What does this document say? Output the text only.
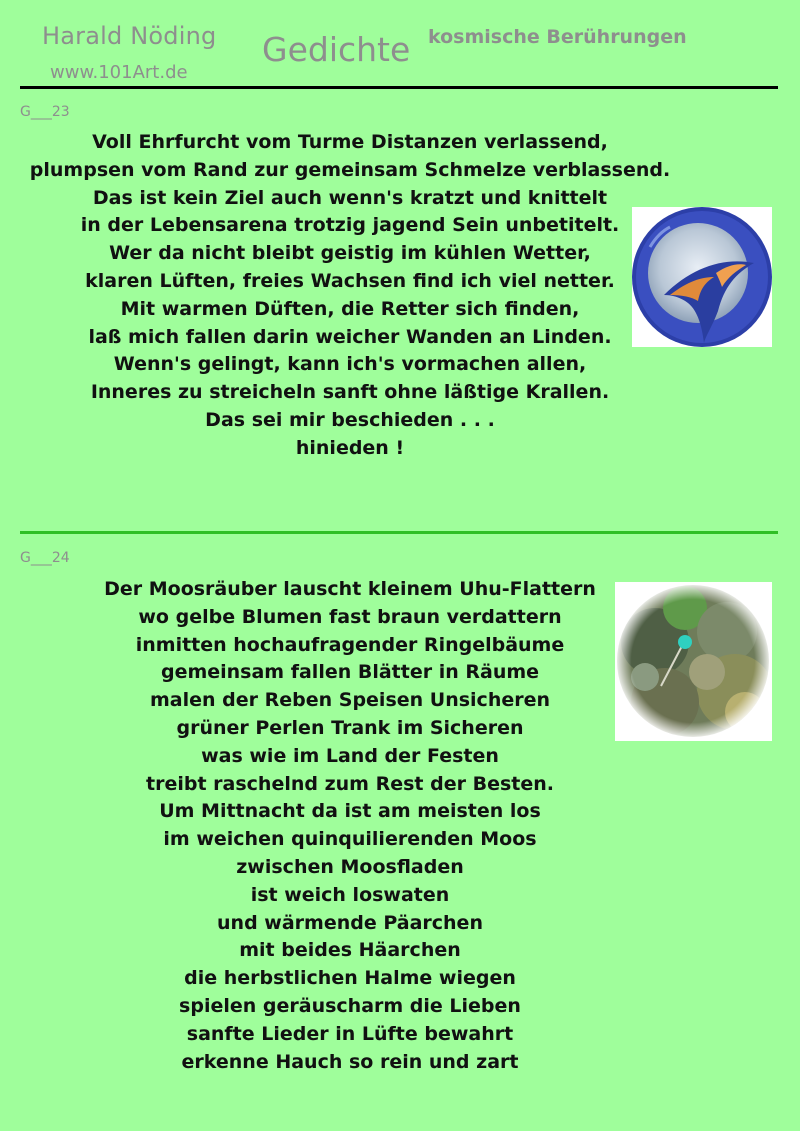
Harald Nöding
www.101Art.de
Gedichte kosmische Berührungen
G___23
Voll Ehrfurcht vom Turme Distanzen verlassend,
plumpsen vom Rand zur gemeinsam Schmelze verblassend.
Das ist kein Ziel auch wenn's kratzt und knittelt
in der Lebensarena trotzig jagend Sein unbetitelt.
Wer da nicht bleibt geistig im kühlen Wetter,
klaren Lüften, freies Wachsen find ich viel netter.
Mit warmen Düften, die Retter sich finden,
laß mich fallen darin weicher Wanden an Linden.
Wenn's gelingt, kann ich's vormachen allen,
Inneres zu streicheln sanft ohne läßtige Krallen.
Das sei mir beschieden . . .
hinieden !
G___24
Der Moosräuber lauscht kleinem Uhu-Flattern
wo gelbe Blumen fast braun verdattern
inmitten hochaufragender Ringelbäume
gemeinsam fallen Blätter in Räume
malen der Reben Speisen Unsicheren
grüner Perlen Trank im Sicheren
was wie im Land der Festen
treibt raschelnd zum Rest der Besten.
Um Mittnacht da ist am meisten los
im weichen quinquilierenden Moos
zwischen Moosfladen
ist weich loswaten
und wärmende Päarchen
mit beides Häarchen
die herbstlichen Halme wiegen
spielen geräuscharm die Lieben
sanfte Lieder in Lüfte bewahrt
erkenne Hauch so rein und zart
